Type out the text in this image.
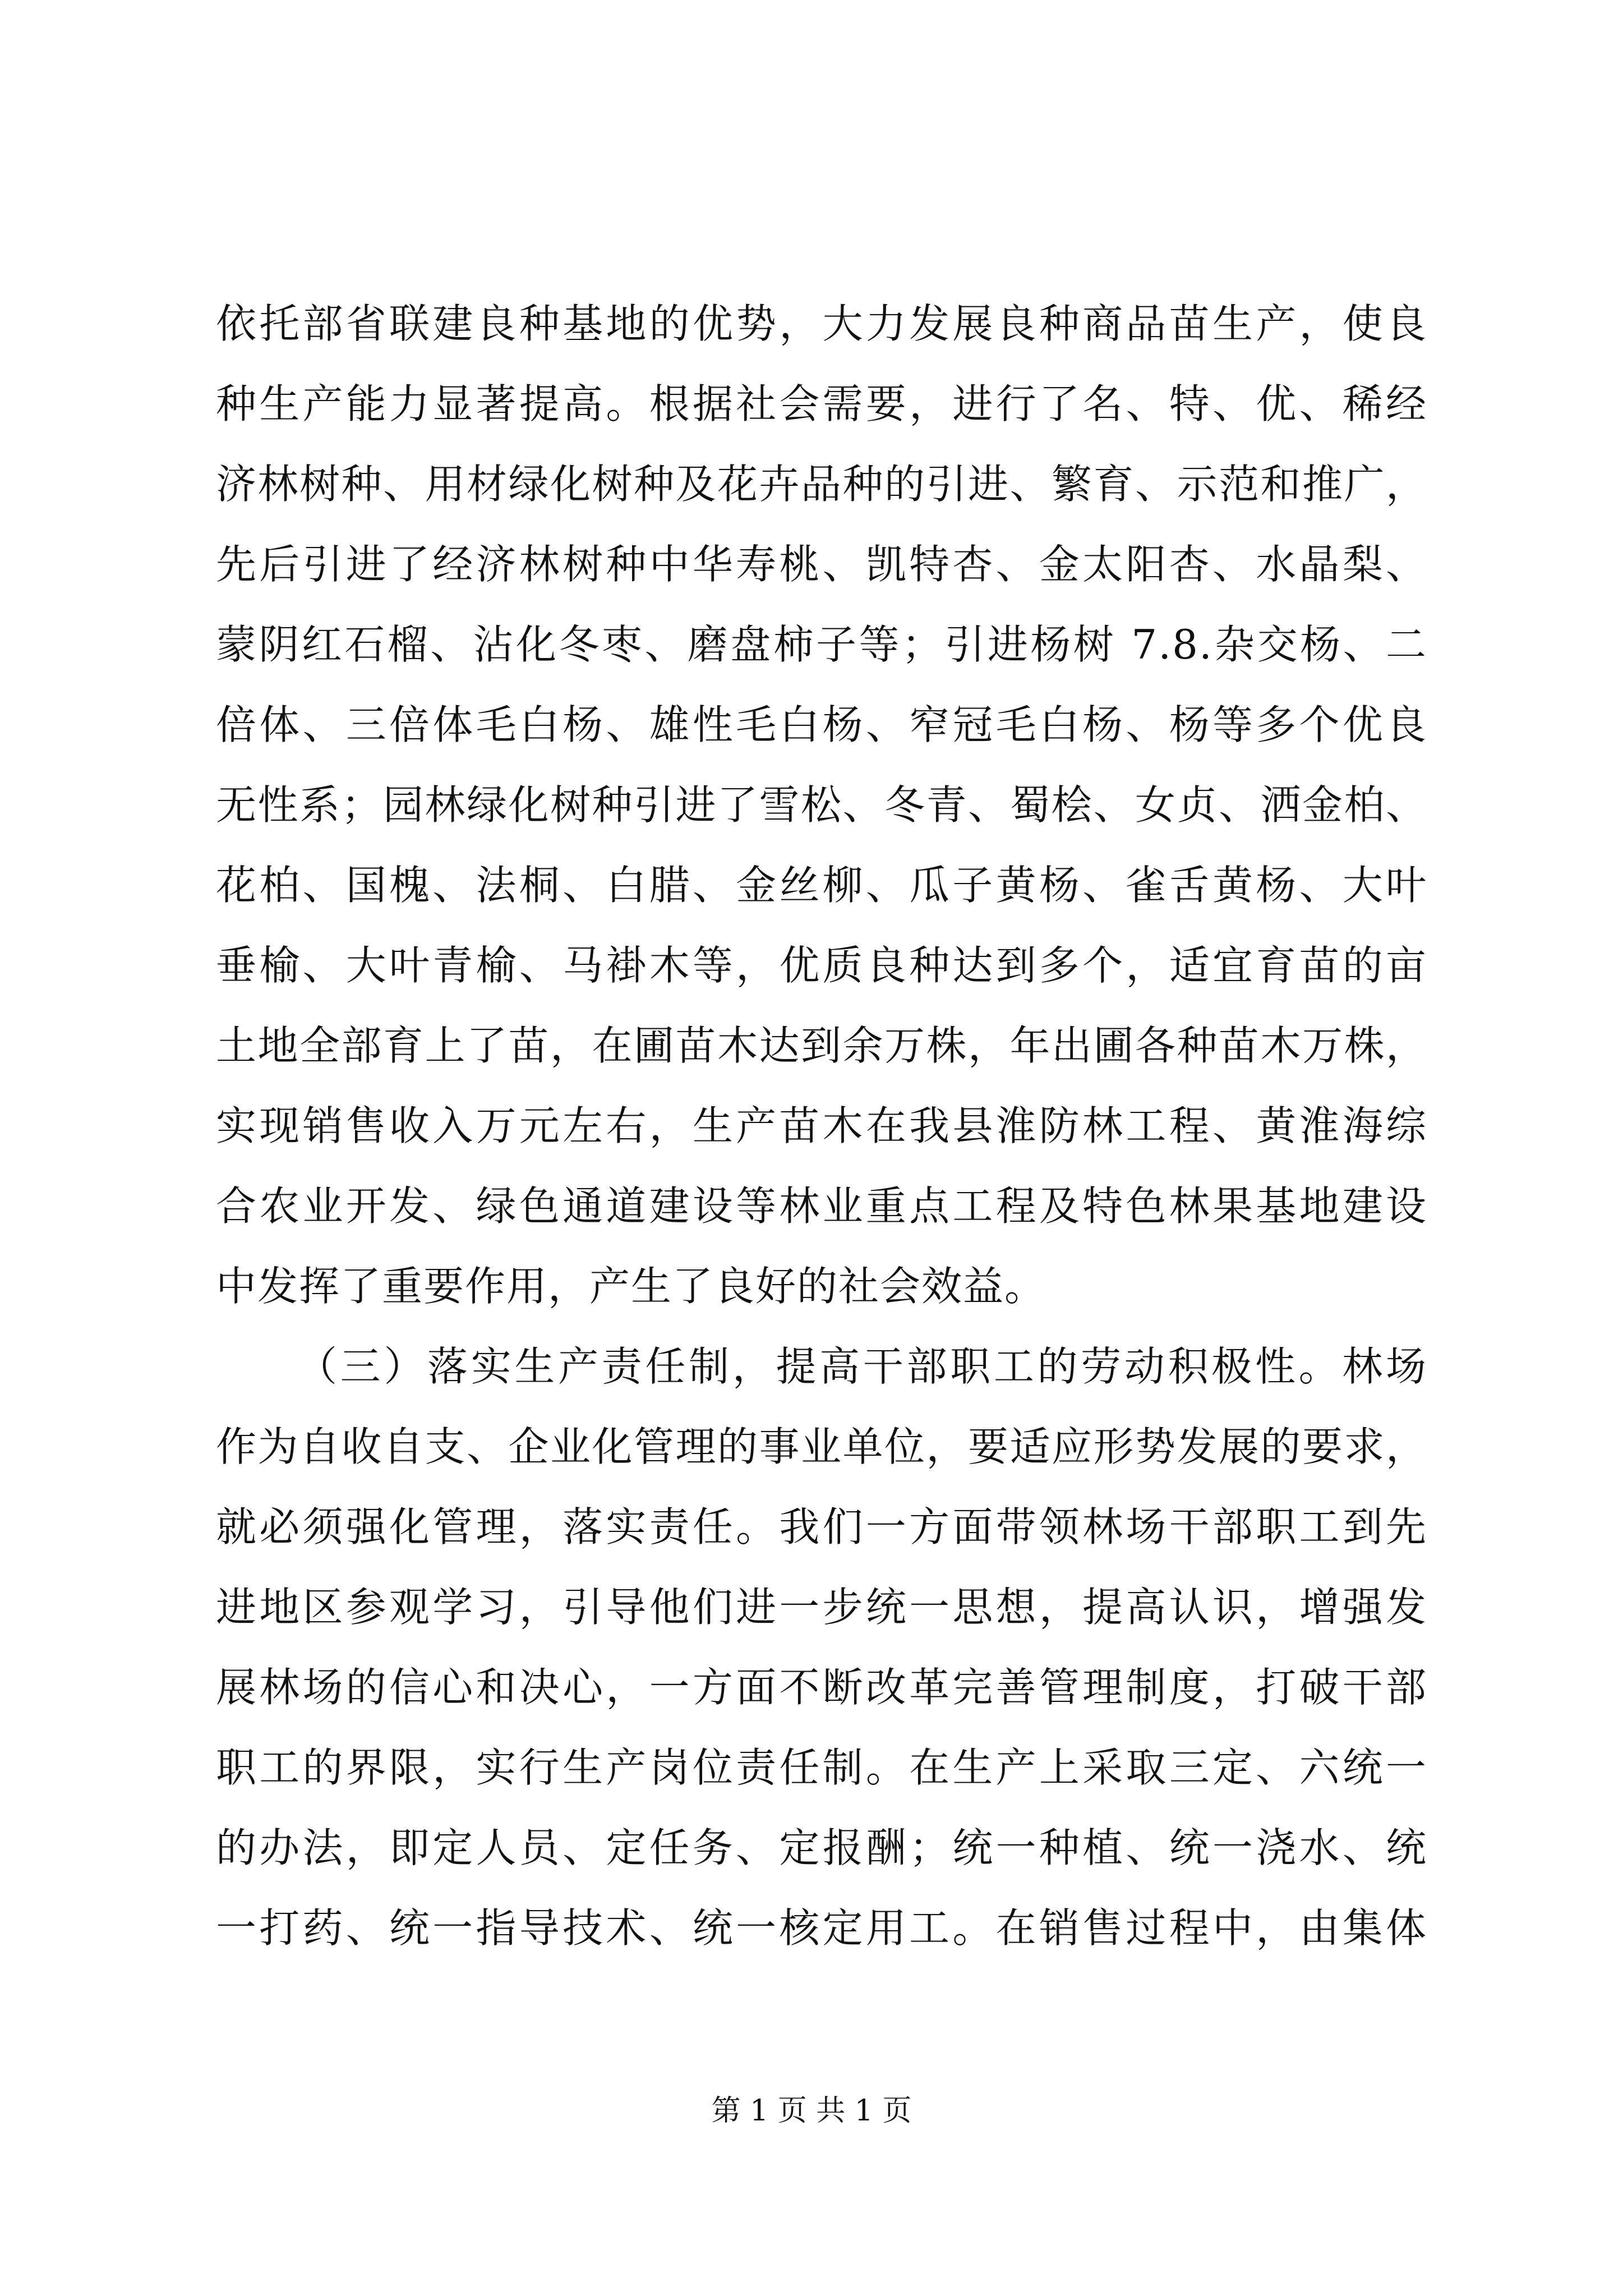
依托部省联建良种基地的优势，大力发展良种商品苗生产，使良
种生产能力显著提高。根据社会需要，进行了名、特、优、稀经
济林树种、用材绿化树种及花卉品种的引进、繁育、示范和推广，
先后引进了经济林树种中华寿桃、凯特杏、金太阳杏、水晶梨、
蒙阴红石榴、沾化冬枣、磨盘柿子等；引进杨树 7.8.杂交杨、二
倍体、三倍体毛白杨、雄性毛白杨、窄冠毛白杨、杨等多个优良
无性系；园林绿化树种引进了雪松、冬青、蜀桧、女贞、洒金柏、
花柏、国槐、法桐、白腊、金丝柳、瓜子黄杨、雀舌黄杨、大叶
垂榆、大叶青榆、马褂木等，优质良种达到多个，适宜育苗的亩
土地全部育上了苗，在圃苗木达到余万株，年出圃各种苗木万株，
实现销售收入万元左右，生产苗木在我县淮防林工程、黄淮海综
合农业开发、绿色通道建设等林业重点工程及特色林果基地建设
中发挥了重要作用，产生了良好的社会效益。
（三）落实生产责任制，提高干部职工的劳动积极性。林场
作为自收自支、企业化管理的事业单位，要适应形势发展的要求，
就必须强化管理，落实责任。我们一方面带领林场干部职工到先
进地区参观学习，引导他们进一步统一思想，提高认识，增强发
展林场的信心和决心，一方面不断改革完善管理制度，打破干部
职工的界限，实行生产岗位责任制。在生产上采取三定、六统一
的办法，即定人员、定任务、定报酬；统一种植、统一浇水、统
一打药、统一指导技术、统一核定用工。在销售过程中，由集体
第 1 页 共 1 页
